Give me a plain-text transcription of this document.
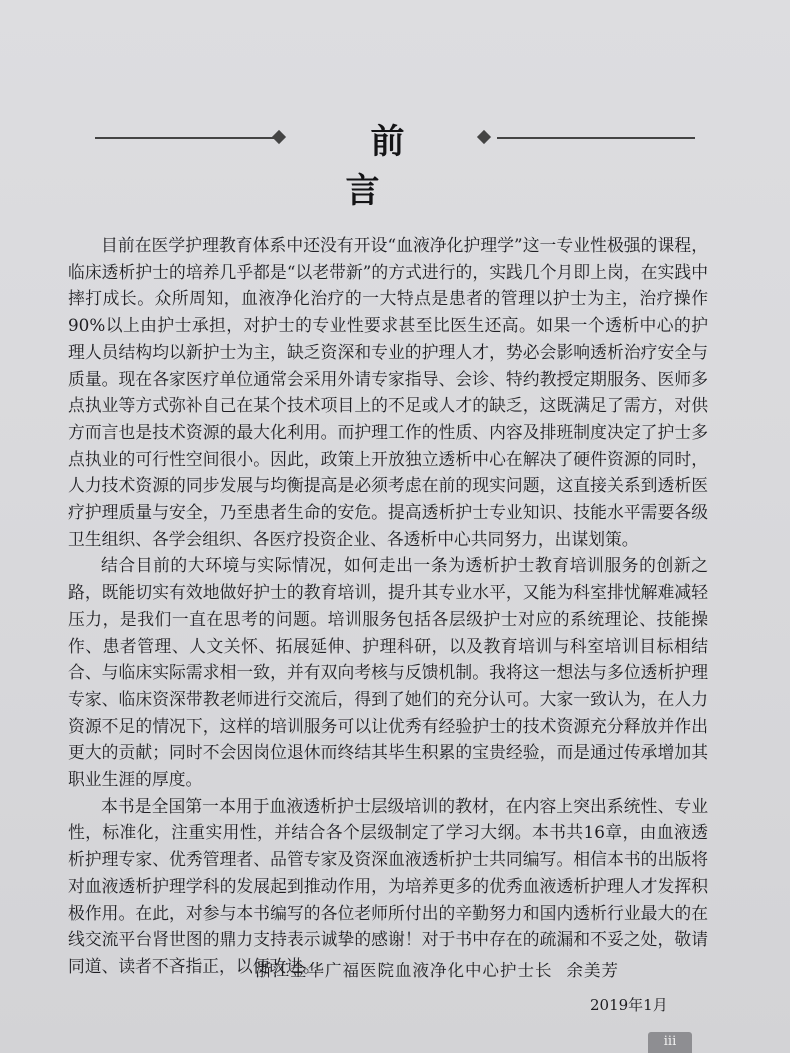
前 言

目前在医学护理教育体系中还没有开设“血液净化护理学”这一专业性极强的课程，临床透析护士的培养几乎都是“以老带新”的方式进行的，实践几个月即上岗，在实践中摔打成长。众所周知，血液净化治疗的一大特点是患者的管理以护士为主，治疗操作90%以上由护士承担，对护士的专业性要求甚至比医生还高。如果一个透析中心的护理人员结构均以新护士为主，缺乏资深和专业的护理人才，势必会影响透析治疗安全与质量。现在各家医疗单位通常会采用外请专家指导、会诊、特约教授定期服务、医师多点执业等方式弥补自己在某个技术项目上的不足或人才的缺乏，这既满足了需方，对供方而言也是技术资源的最大化利用。而护理工作的性质、内容及排班制度决定了护士多点执业的可行性空间很小。因此，政策上开放独立透析中心在解决了硬件资源的同时，人力技术资源的同步发展与均衡提高是必须考虑在前的现实问题，这直接关系到透析医疗护理质量与安全，乃至患者生命的安危。提高透析护士专业知识、技能水平需要各级卫生组织、各学会组织、各医疗投资企业、各透析中心共同努力，出谋划策。

结合目前的大环境与实际情况，如何走出一条为透析护士教育培训服务的创新之路，既能切实有效地做好护士的教育培训，提升其专业水平，又能为科室排忧解难减轻压力，是我们一直在思考的问题。培训服务包括各层级护士对应的系统理论、技能操作、患者管理、人文关怀、拓展延伸、护理科研，以及教育培训与科室培训目标相结合、与临床实际需求相一致，并有双向考核与反馈机制。我将这一想法与多位透析护理专家、临床资深带教老师进行交流后，得到了她们的充分认可。大家一致认为，在人力资源不足的情况下，这样的培训服务可以让优秀有经验护士的技术资源充分释放并作出更大的贡献；同时不会因岗位退休而终结其毕生积累的宝贵经验，而是通过传承增加其职业生涯的厚度。

本书是全国第一本用于血液透析护士层级培训的教材，在内容上突出系统性、专业性，标准化，注重实用性，并结合各个层级制定了学习大纲。本书共16章，由血液透析护理专家、优秀管理者、品管专家及资深血液透析护士共同编写。相信本书的出版将对血液透析护理学科的发展起到推动作用，为培养更多的优秀血液透析护理人才发挥积极作用。在此，对参与本书编写的各位老师所付出的辛勤努力和国内透析行业最大的在线交流平台肾世图的鼎力支持表示诚挚的感谢！对于书中存在的疏漏和不妥之处，敬请同道、读者不吝指正，以便改进。

浙江金华广福医院血液净化中心护士长 余美芳
2019年1月
iii
